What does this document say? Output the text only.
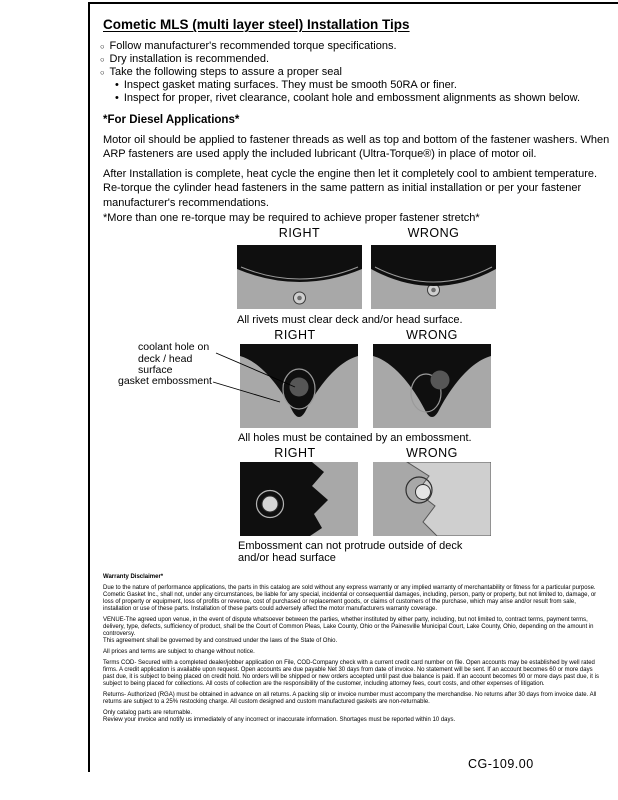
Cometic MLS (multi layer steel) Installation Tips
○ Follow manufacturer's recommended torque specifications.
○ Dry installation is recommended.
○ Take the following steps to assure a proper seal
• Inspect gasket mating surfaces. They must be smooth 50RA or finer.
• Inspect for proper, rivet clearance, coolant hole and embossment alignments as shown below.
*For Diesel Applications*
Motor oil should be applied to fastener threads as well as top and bottom of the fastener washers. When ARP fasteners are used apply the included lubricant (Ultra-Torque®) in place of motor oil.
After Installation is complete, heat cycle the engine then let it completely cool to ambient temperature. Re-torque the cylinder head fasteners in the same pattern as initial installation or per your fastener manufacturer's recommendations.
*More than one re-torque may be required to achieve proper fastener stretch*
RIGHT	WRONG
All rivets must clear deck and/or head surface.
RIGHT	WRONG
coolant hole on
deck / head surface
gasket embossment
All holes must be contained by an embossment.
RIGHT	WRONG
Embossment can not protrude outside of deck and/or head surface
Warranty Disclaimer*
Due to the nature of performance applications, the parts in this catalog are sold without any express warranty or any implied warranty of merchantability or fitness for a particular purpose. Cometic Gasket Inc., shall not, under any circumstances, be liable for any special, incidental or consequential damages, including, person, party or property, but not limited to, damage, or loss of property or equipment, loss of profits or revenue, cost of purchased or replacement goods, or claims of customers of the purchase, which may arise and/or result from sale, installation or use of these parts. Installation of these parts could adversely affect the motor manufacturers warranty coverage.
VENUE-The agreed upon venue, in the event of dispute whatsoever between the parties, whether instituted by either party, including, but not limited to, contract terms, payment terms, delivery, type, defects, sufficiency of product, shall be the Court of Common Pleas, Lake County, Ohio or the Painesville Municipal Court, Lake County, Ohio, depending on the amount in controversy.
This agreement shall be governed by and construed under the laws of the State of Ohio.
All prices and terms are subject to change without notice.
Terms COD- Secured with a completed dealer/jobber application on File, COD-Company check with a current credit card number on file. Open accounts may be established by well rated firms. A credit application is available upon request. Open accounts are due payable Net 30 days from date of invoice. No statement will be sent. If an account becomes 60 or more days past due, it is subject to being placed on credit hold. No orders will be shipped or new orders accepted until past due balance is paid. If an account becomes 90 or more days past due, it is subject to being placed for collections. All costs of collection are the responsibility of the customer, including attorney fees, court costs, and other expenses of litigation.
Returns- Authorized (RGA) must be obtained in advance on all returns. A packing slip or invoice number must accompany the merchandise. No returns after 30 days from invoice date. All returns are subject to a 25% restocking charge. All custom designed and custom manufactured gaskets are non-returnable.
Only catalog parts are returnable.
Review your invoice and notify us immediately of any incorrect or inaccurate information. Shortages must be reported within 10 days.
CG-109.00
